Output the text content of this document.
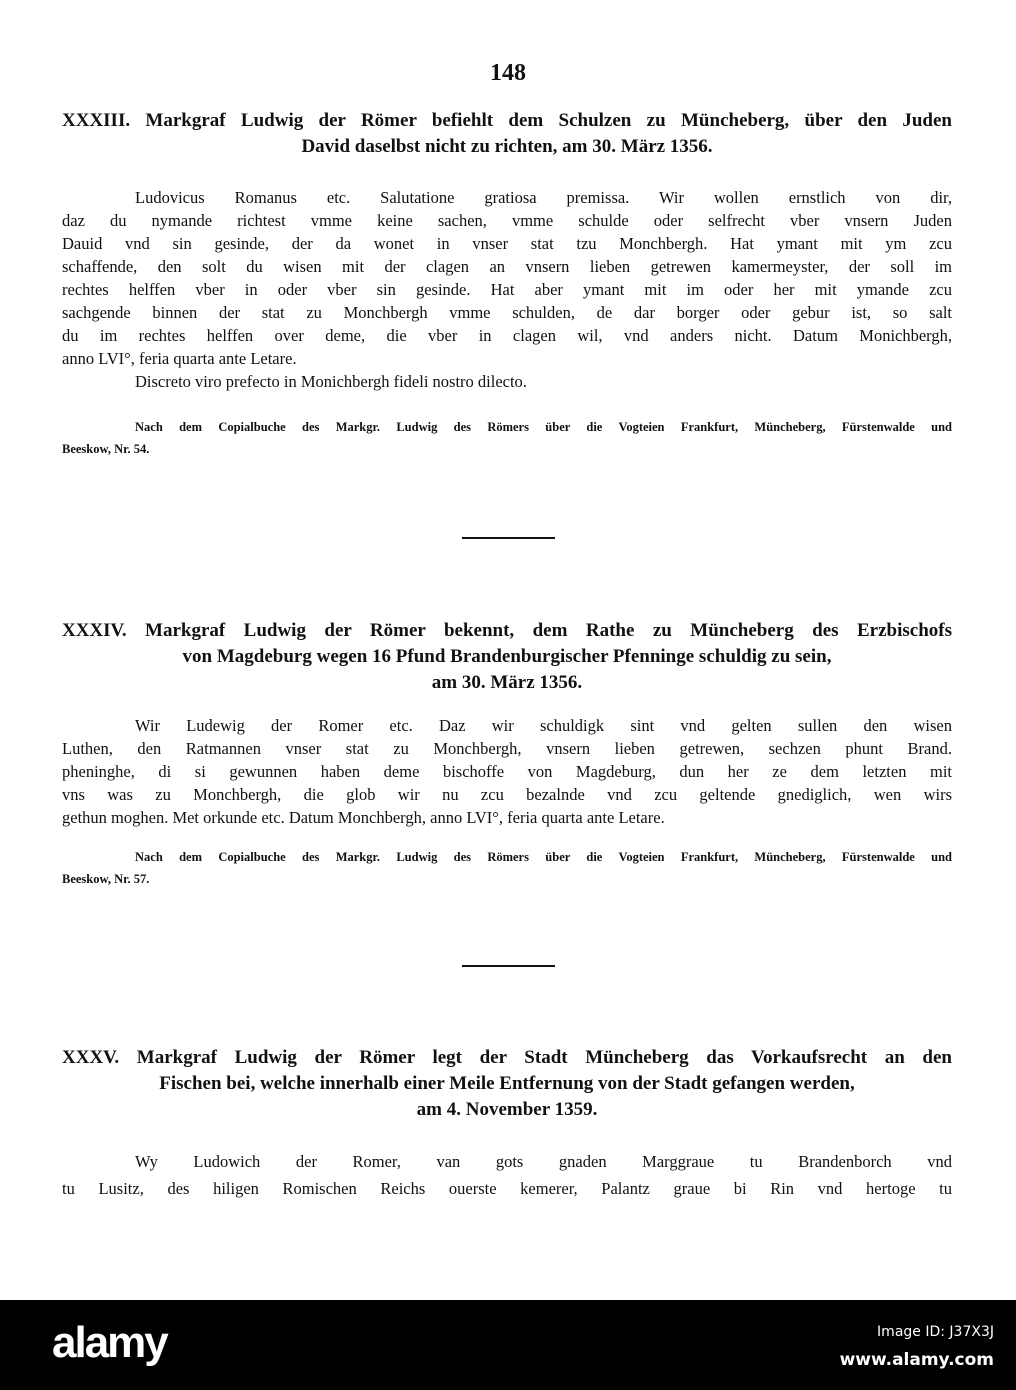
148
XXXIII. Markgraf Ludwig der Römer befiehlt dem Schulzen zu Müncheberg, über den Juden
David daselbst nicht zu richten, am 30. März 1356.
Ludovicus Romanus etc. Salutatione gratiosa premissa. Wir wollen ernstlich von dir,
daz du nymande richtest vmme keine sachen, vmme schulde oder selfrecht vber vnsern Juden
Dauid vnd sin gesinde, der da wonet in vnser stat tzu Monchbergh. Hat ymant mit ym zcu
schaffende, den solt du wisen mit der clagen an vnsern lieben getrewen kamermeyster, der soll im
rechtes helffen vber in oder vber sin gesinde. Hat aber ymant mit im oder her mit ymande zcu
sachgende binnen der stat zu Monchbergh vmme schulden, de dar borger oder gebur ist, so salt
du im rechtes helffen over deme, die vber in clagen wil, vnd anders nicht. Datum Monichbergh,
anno LVI°, feria quarta ante Letare.
Discreto viro prefecto in Monichbergh fideli nostro dilecto.
Nach dem Copialbuche des Markgr. Ludwig des Römers über die Vogteien Frankfurt, Müncheberg, Fürstenwalde und
Beeskow, Nr. 54.
XXXIV. Markgraf Ludwig der Römer bekennt, dem Rathe zu Müncheberg des Erzbischofs
von Magdeburg wegen 16 Pfund Brandenburgischer Pfenninge schuldig zu sein,
am 30. März 1356.
Wir Ludewig der Romer etc. Daz wir schuldigk sint vnd gelten sullen den wisen
Luthen, den Ratmannen vnser stat zu Monchbergh, vnsern lieben getrewen, sechzen phunt Brand.
pheninghe, di si gewunnen haben deme bischoffe von Magdeburg, dun her ze dem letzten mit
vns was zu Monchbergh, die glob wir nu zcu bezalnde vnd zcu geltende gnediglich, wen wirs
gethun moghen. Met orkunde etc. Datum Monchbergh, anno LVI°, feria quarta ante Letare.
Nach dem Copialbuche des Markgr. Ludwig des Römers über die Vogteien Frankfurt, Müncheberg, Fürstenwalde und
Beeskow, Nr. 57.
XXXV. Markgraf Ludwig der Römer legt der Stadt Müncheberg das Vorkaufsrecht an den
Fischen bei, welche innerhalb einer Meile Entfernung von der Stadt gefangen werden,
am 4. November 1359.
Wy Ludowich der Romer, van gots gnaden Marggraue tu Brandenborch vnd
tu Lusitz, des hiligen Romischen Reichs ouerste kemerer, Palantz graue bi Rin vnd hertoge tu
alamy	Image ID: J37X3J
www.alamy.com
